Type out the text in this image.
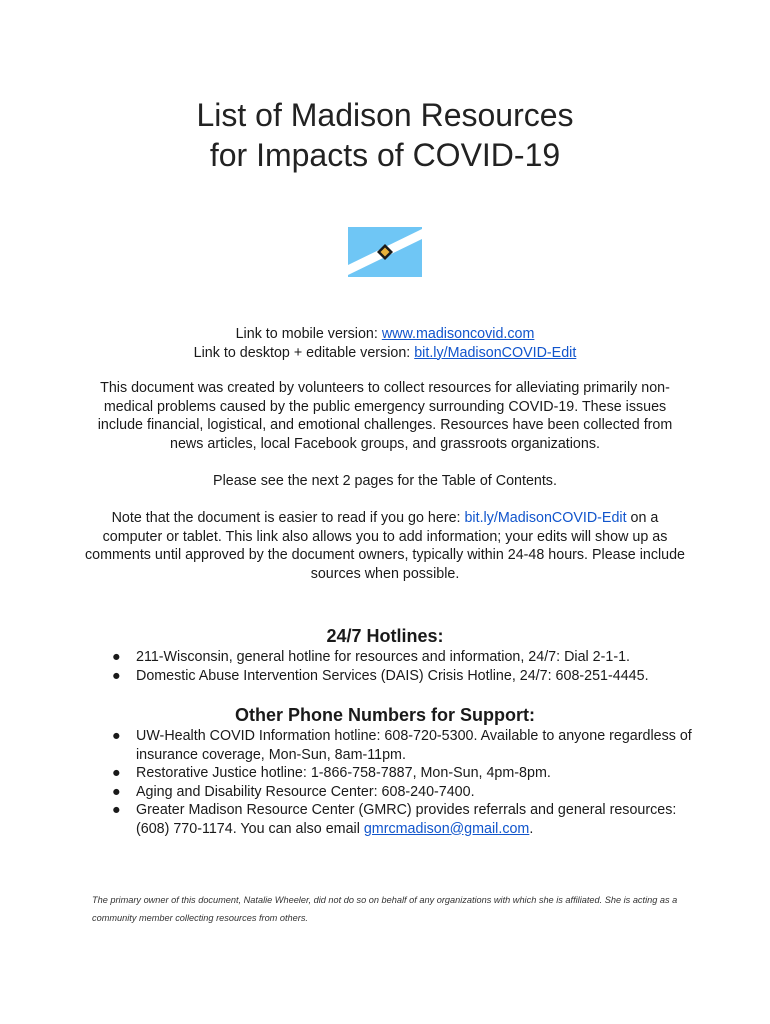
List of Madison Resources
for Impacts of COVID-19
Link to mobile version: www.madisoncovid.com
Link to desktop + editable version: bit.ly/MadisonCOVID-Edit
This document was created by volunteers to collect resources for alleviating primarily non-medical problems caused by the public emergency surrounding COVID-19. These issues include financial, logistical, and emotional challenges. Resources have been collected from news articles, local Facebook groups, and grassroots organizations.
Please see the next 2 pages for the Table of Contents.
Note that the document is easier to read if you go here: bit.ly/MadisonCOVID-Edit on a computer or tablet. This link also allows you to add information; your edits will show up as comments until approved by the document owners, typically within 24-48 hours. Please include sources when possible.
24/7 Hotlines:
● 211-Wisconsin, general hotline for resources and information, 24/7: Dial 2-1-1.
● Domestic Abuse Intervention Services (DAIS) Crisis Hotline, 24/7: 608-251-4445.
Other Phone Numbers for Support:
● UW-Health COVID Information hotline: 608-720-5300. Available to anyone regardless of insurance coverage, Mon-Sun, 8am-11pm.
● Restorative Justice hotline: 1-866-758-7887, Mon-Sun, 4pm-8pm.
● Aging and Disability Resource Center: 608-240-7400.
● Greater Madison Resource Center (GMRC) provides referrals and general resources: (608) 770-1174. You can also email gmrcmadison@gmail.com.
The primary owner of this document, Natalie Wheeler, did not do so on behalf of any organizations with which she is affiliated. She is acting as a community member collecting resources from others.
